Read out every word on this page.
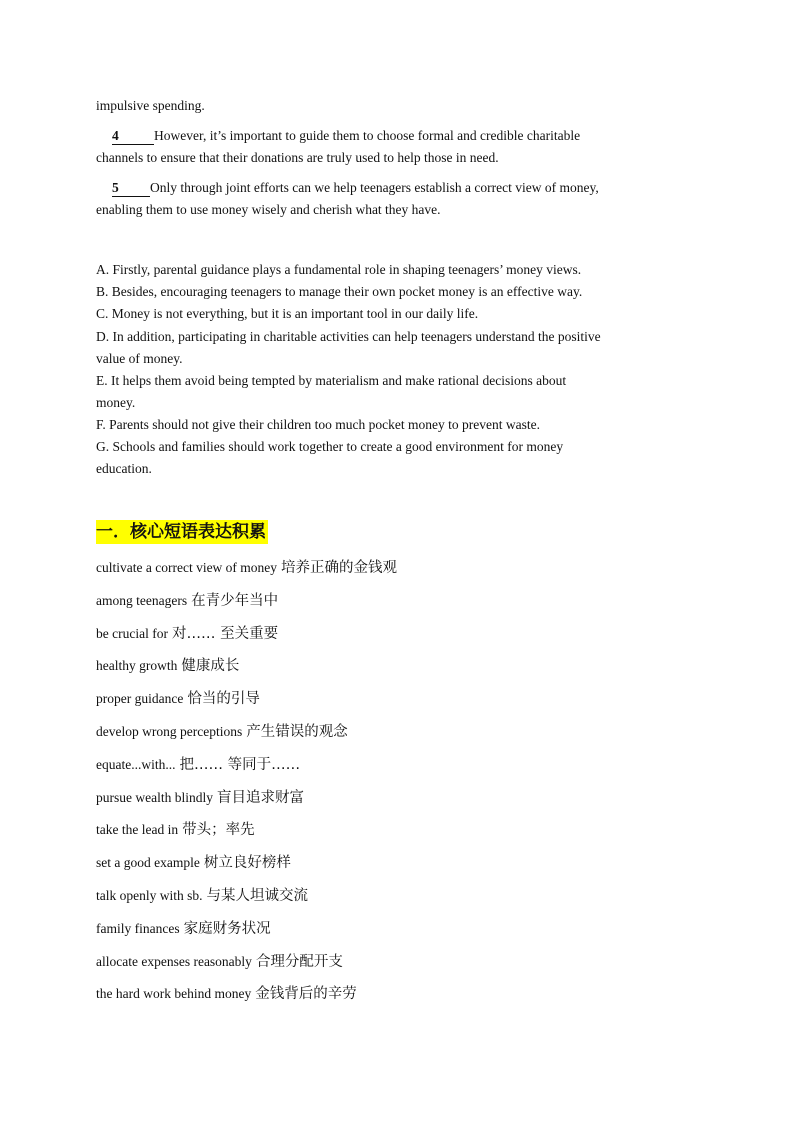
impulsive spending.
4	However, it’s important to guide them to choose formal and credible charitable
channels to ensure that their donations are truly used to help those in need.
5 Only through joint efforts can we help teenagers establish a correct view of money,
enabling them to use money wisely and cherish what they have.
A. Firstly, parental guidance plays a fundamental role in shaping teenagers’ money views.
B. Besides, encouraging teenagers to manage their own pocket money is an effective way.
C. Money is not everything, but it is an important tool in our daily life.
D. In addition, participating in charitable activities can help teenagers understand the positive
value of money.
E. It helps them avoid being tempted by materialism and make rational decisions about
money.
F. Parents should not give their children too much pocket money to prevent waste.
G. Schools and families should work together to create a good environment for money
education.
一．核心短语表达积累
cultivate a correct view of money 培养正确的金钱观
among teenagers 在青少年当中
be crucial for 对…… 至关重要
healthy growth 健康成长
proper guidance 恰当的引导
develop wrong perceptions 产生错误的观念
equate...with... 把…… 等同于……
pursue wealth blindly 盲目追求财富
take the lead in 带头；率先
set a good example 树立良好榜样
talk openly with sb. 与某人坦诚交流
family finances 家庭财务状况
allocate expenses reasonably 合理分配开支
the hard work behind money 金钱背后的辛劳
